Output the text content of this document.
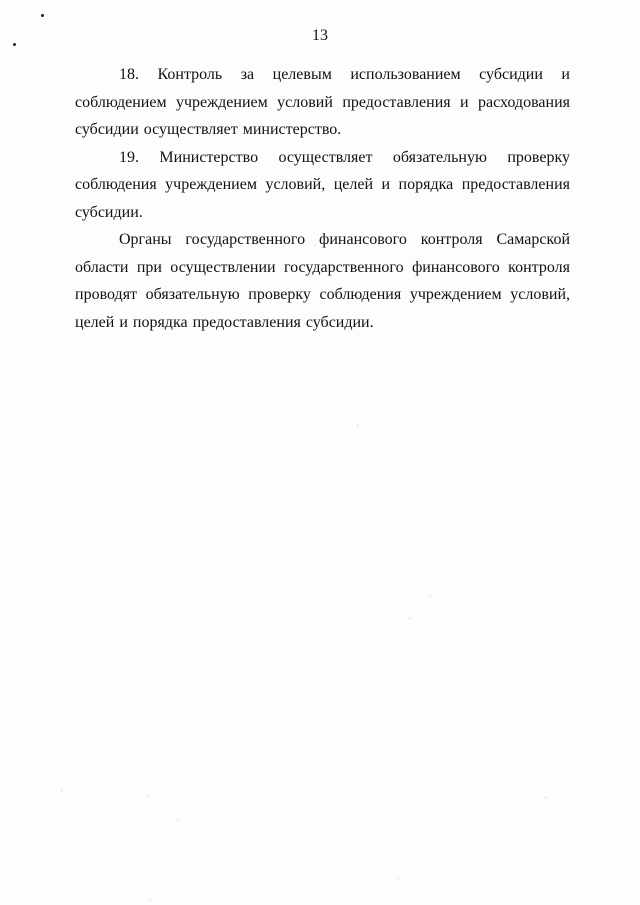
13

18. Контроль за целевым использованием субсидии и соблюдением учреждением условий предоставления и расходования субсидии осуществляет министерство.

19. Министерство осуществляет обязательную проверку соблюдения учреждением условий, целей и порядка предоставления субсидии.

Органы государственного финансового контроля Самарской области при осуществлении государственного финансового контроля проводят обязательную проверку соблюдения учреждением условий, целей и порядка предоставления субсидии.
